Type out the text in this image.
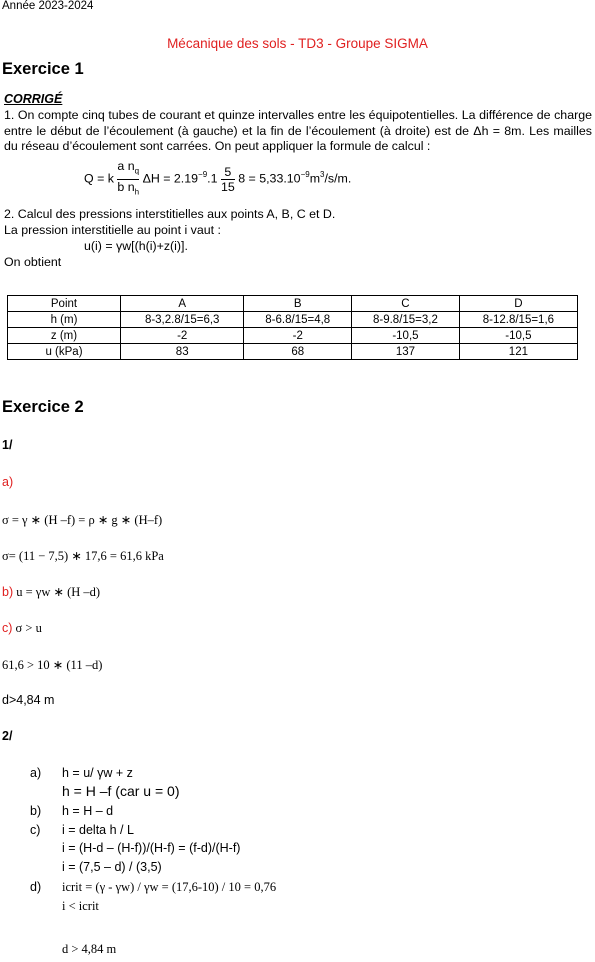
Année 2023-2024
Mécanique des sols - TD3 - Groupe SIGMA
Exercice 1

CORRIGÉ

1. On compte cinq tubes de courant et quinze intervalles entre les équipotentielles. La différence de charge entre le début de l’écoulement (à gauche) et la fin de l’écoulement (à droite) est de Δh = 8m. Les mailles du réseau d’écoulement sont carrées. On peut appliquer la formule de calcul :

Q = k $\frac{a n_q}{b n_h}$ $\Delta H = 2.19^{-9}.1 \frac{5}{15} 8 = 5,33.10^{-9}m^3/s/m$.

2. Calcul des pressions interstitielles aux points A, B, C et D.

La pression interstitielle au point i vaut :

u(i) = γw[(h(i)+z(i)].

On obtient

Point	A	B	C	D
h (m)	8-3,2.8/15=6,3	8-6.8/15=4,8	8-9.8/15=3,2	8-12.8/15=1,6
z (m)	-2	-2	-10,5	-10,5
u (kPa)	83	68	137	121
Exercice 2
1/
a)
σ = γ ∗ (H –f) = ρ ∗ g ∗ (H–f)
σ= (11 − 7,5) ∗ 17,6 = 61,6 kPa
b) u = γw ∗ (H –d)
c) σ > u
61,6 > 10 ∗ (11 –d)
d>4,84 m
2/
a) h = u/ γw + z
h = H –f (car u = 0)
b) h = H – d
c) i = delta h / L
i = (H-d – (H-f))/(H-f) = (f-d)/(H-f)
i = (7,5 – d) / (3,5)
d) icrit = (γ - γw) / γw = (17,6-10) / 10 = 0,76
i < icrit
d > 4,84 m
